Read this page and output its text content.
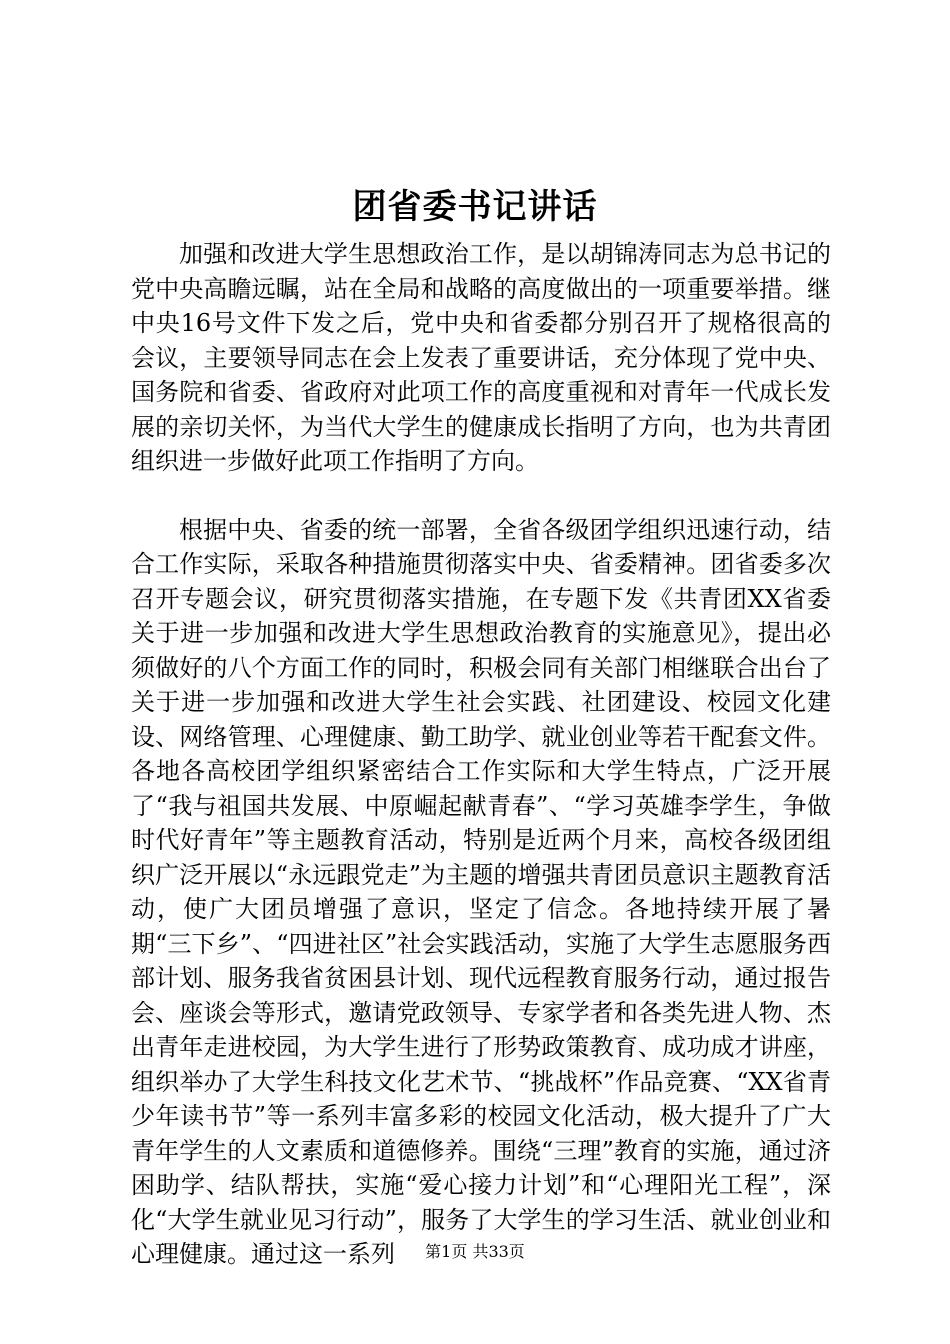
团省委书记讲话

加强和改进大学生思想政治工作，是以胡锦涛同志为总书记的党中央高瞻远瞩，站在全局和战略的高度做出的一项重要举措。继中央16号文件下发之后，党中央和省委都分别召开了规格很高的会议，主要领导同志在会上发表了重要讲话，充分体现了党中央、国务院和省委、省政府对此项工作的高度重视和对青年一代成长发展的亲切关怀，为当代大学生的健康成长指明了方向，也为共青团组织进一步做好此项工作指明了方向。

根据中央、省委的统一部署，全省各级团学组织迅速行动，结合工作实际，采取各种措施贯彻落实中央、省委精神。团省委多次召开专题会议，研究贯彻落实措施，在专题下发《共青团XX省委关于进一步加强和改进大学生思想政治教育的实施意见》，提出必须做好的八个方面工作的同时，积极会同有关部门相继联合出台了关于进一步加强和改进大学生社会实践、社团建设、校园文化建设、网络管理、心理健康、勤工助学、就业创业等若干配套文件。各地各高校团学组织紧密结合工作实际和大学生特点，广泛开展了“我与祖国共发展、中原崛起献青春”、“学习英雄李学生，争做时代好青年”等主题教育活动，特别是近两个月来，高校各级团组织广泛开展以“永远跟党走”为主题的增强共青团员意识主题教育活动，使广大团员增强了意识，坚定了信念。各地持续开展了暑期“三下乡”、“四进社区”社会实践活动，实施了大学生志愿服务西部计划、服务我省贫困县计划、现代远程教育服务行动，通过报告会、座谈会等形式，邀请党政领导、专家学者和各类先进人物、杰出青年走进校园，为大学生进行了形势政策教育、成功成才讲座，组织举办了大学生科技文化艺术节、“挑战杯”作品竞赛、“XX省青少年读书节”等一系列丰富多彩的校园文化活动，极大提升了广大青年学生的人文素质和道德修养。围绕“三理”教育的实施，通过济困助学、结队帮扶，实施“爱心接力计划”和“心理阳光工程”，深化“大学生就业见习行动”，服务了大学生的学习生活、就业创业和心理健康。通过这一系列	第1页 共33页
